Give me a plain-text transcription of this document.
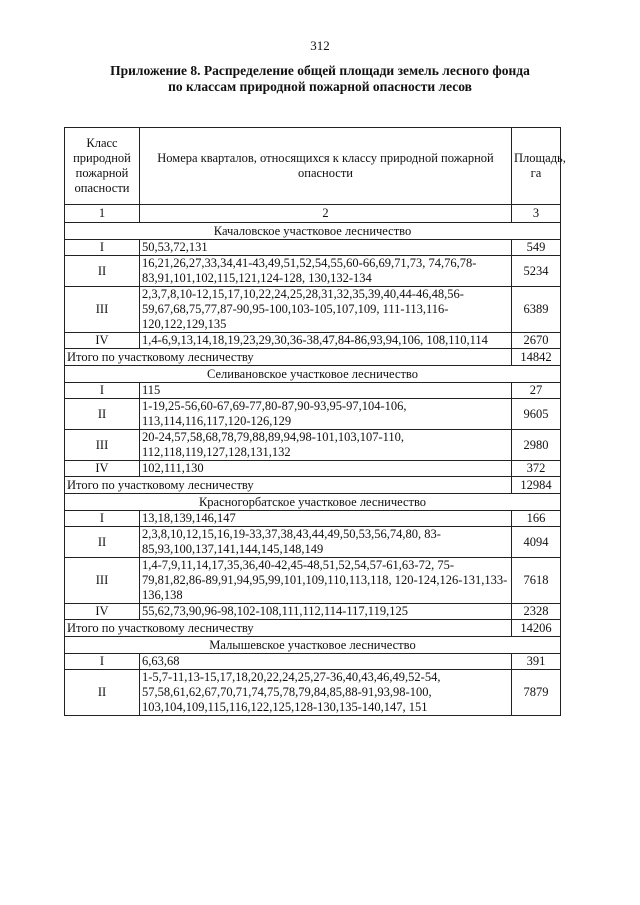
312
Приложение 8. Распределение общей площади земель лесного фонда
по классам природной пожарной опасности лесов
Класс природной пожарной опасности	Номера кварталов, относящихся к классу природной пожарной опасности	Площадь, га
1	2	3
Качаловское участковое лесничество		
I	50,53,72,131	549
II	16,21,26,27,33,34,41-43,49,51,52,54,55,60-66,69,71,73, 74,76,78-83,91,101,102,115,121,124-128, 130,132-134	5234
III	2,3,7,8,10-12,15,17,10,22,24,25,28,31,32,35,39,40,44-46,48,56-59,67,68,75,77,87-90,95-100,103-105,107,109, 111-113,116-120,122,129,135	6389
IV	1,4-6,9,13,14,18,19,23,29,30,36-38,47,84-86,93,94,106, 108,110,114	2670
Итого по участковому лесничеству		14842
Селивановское участковое лесничество		
I	115	27
II	1-19,25-56,60-67,69-77,80-87,90-93,95-97,104-106, 113,114,116,117,120-126,129	9605
III	20-24,57,58,68,78,79,88,89,94,98-101,103,107-110, 112,118,119,127,128,131,132	2980
IV	102,111,130	372
Итого по участковому лесничеству		12984
Красногорбатское участковое лесничество		
I	13,18,139,146,147	166
II	2,3,8,10,12,15,16,19-33,37,38,43,44,49,50,53,56,74,80, 83-85,93,100,137,141,144,145,148,149	4094
III	1,4-7,9,11,14,17,35,36,40-42,45-48,51,52,54,57-61,63-72, 75-79,81,82,86-89,91,94,95,99,101,109,110,113,118, 120-124,126-131,133-136,138	7618
IV	55,62,73,90,96-98,102-108,111,112,114-117,119,125	2328
Итого по участковому лесничеству		14206
Малышевское участковое лесничество		
I	6,63,68	391
II	1-5,7-11,13-15,17,18,20,22,24,25,27-36,40,43,46,49,52-54, 57,58,61,62,67,70,71,74,75,78,79,84,85,88-91,93,98-100, 103,104,109,115,116,122,125,128-130,135-140,147, 151	7879
